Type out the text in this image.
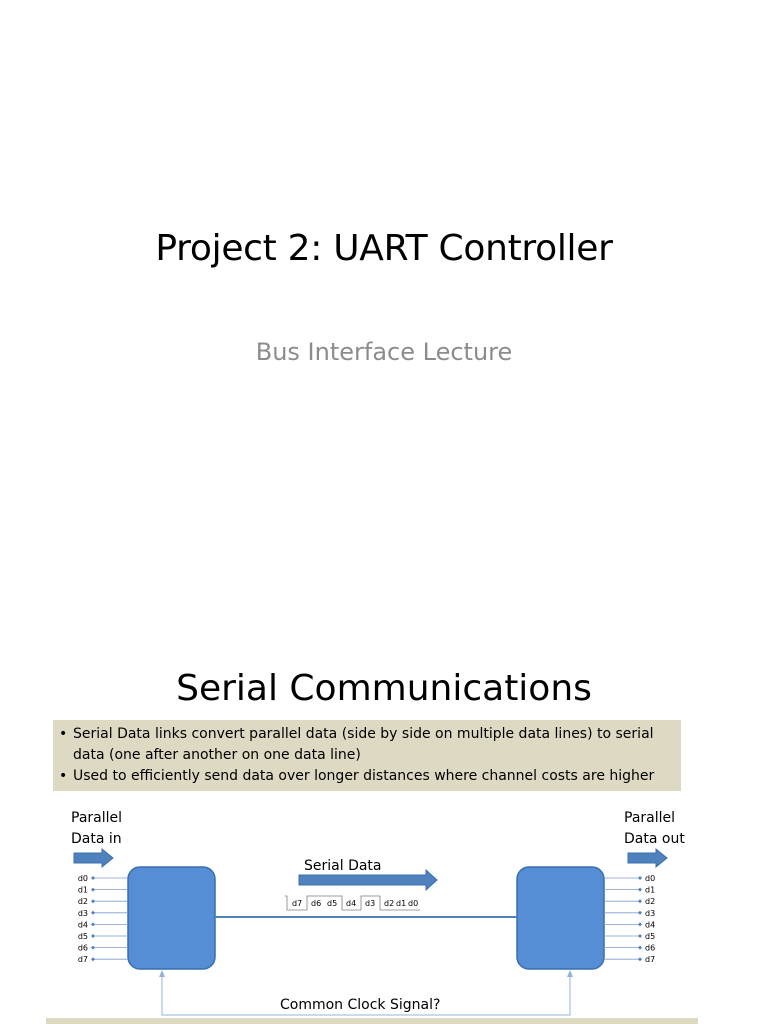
Project 2: UART Controller
Bus Interface Lecture
Serial Communications
• Serial Data links convert parallel data (side by side on multiple data lines) to serial
data (one after another on one data line)
• Used to efficiently send data over longer distances where channel costs are higher
Parallel
Data in
Parallel
Data out
Serial Data
d7 d6 d5 d4 d3 d2 d1 d0
d0
d1
d2
d3
d4
d5
d6
d7
d0
d1
d2
d3
d4
d5
d6
d7
Common Clock Signal?
